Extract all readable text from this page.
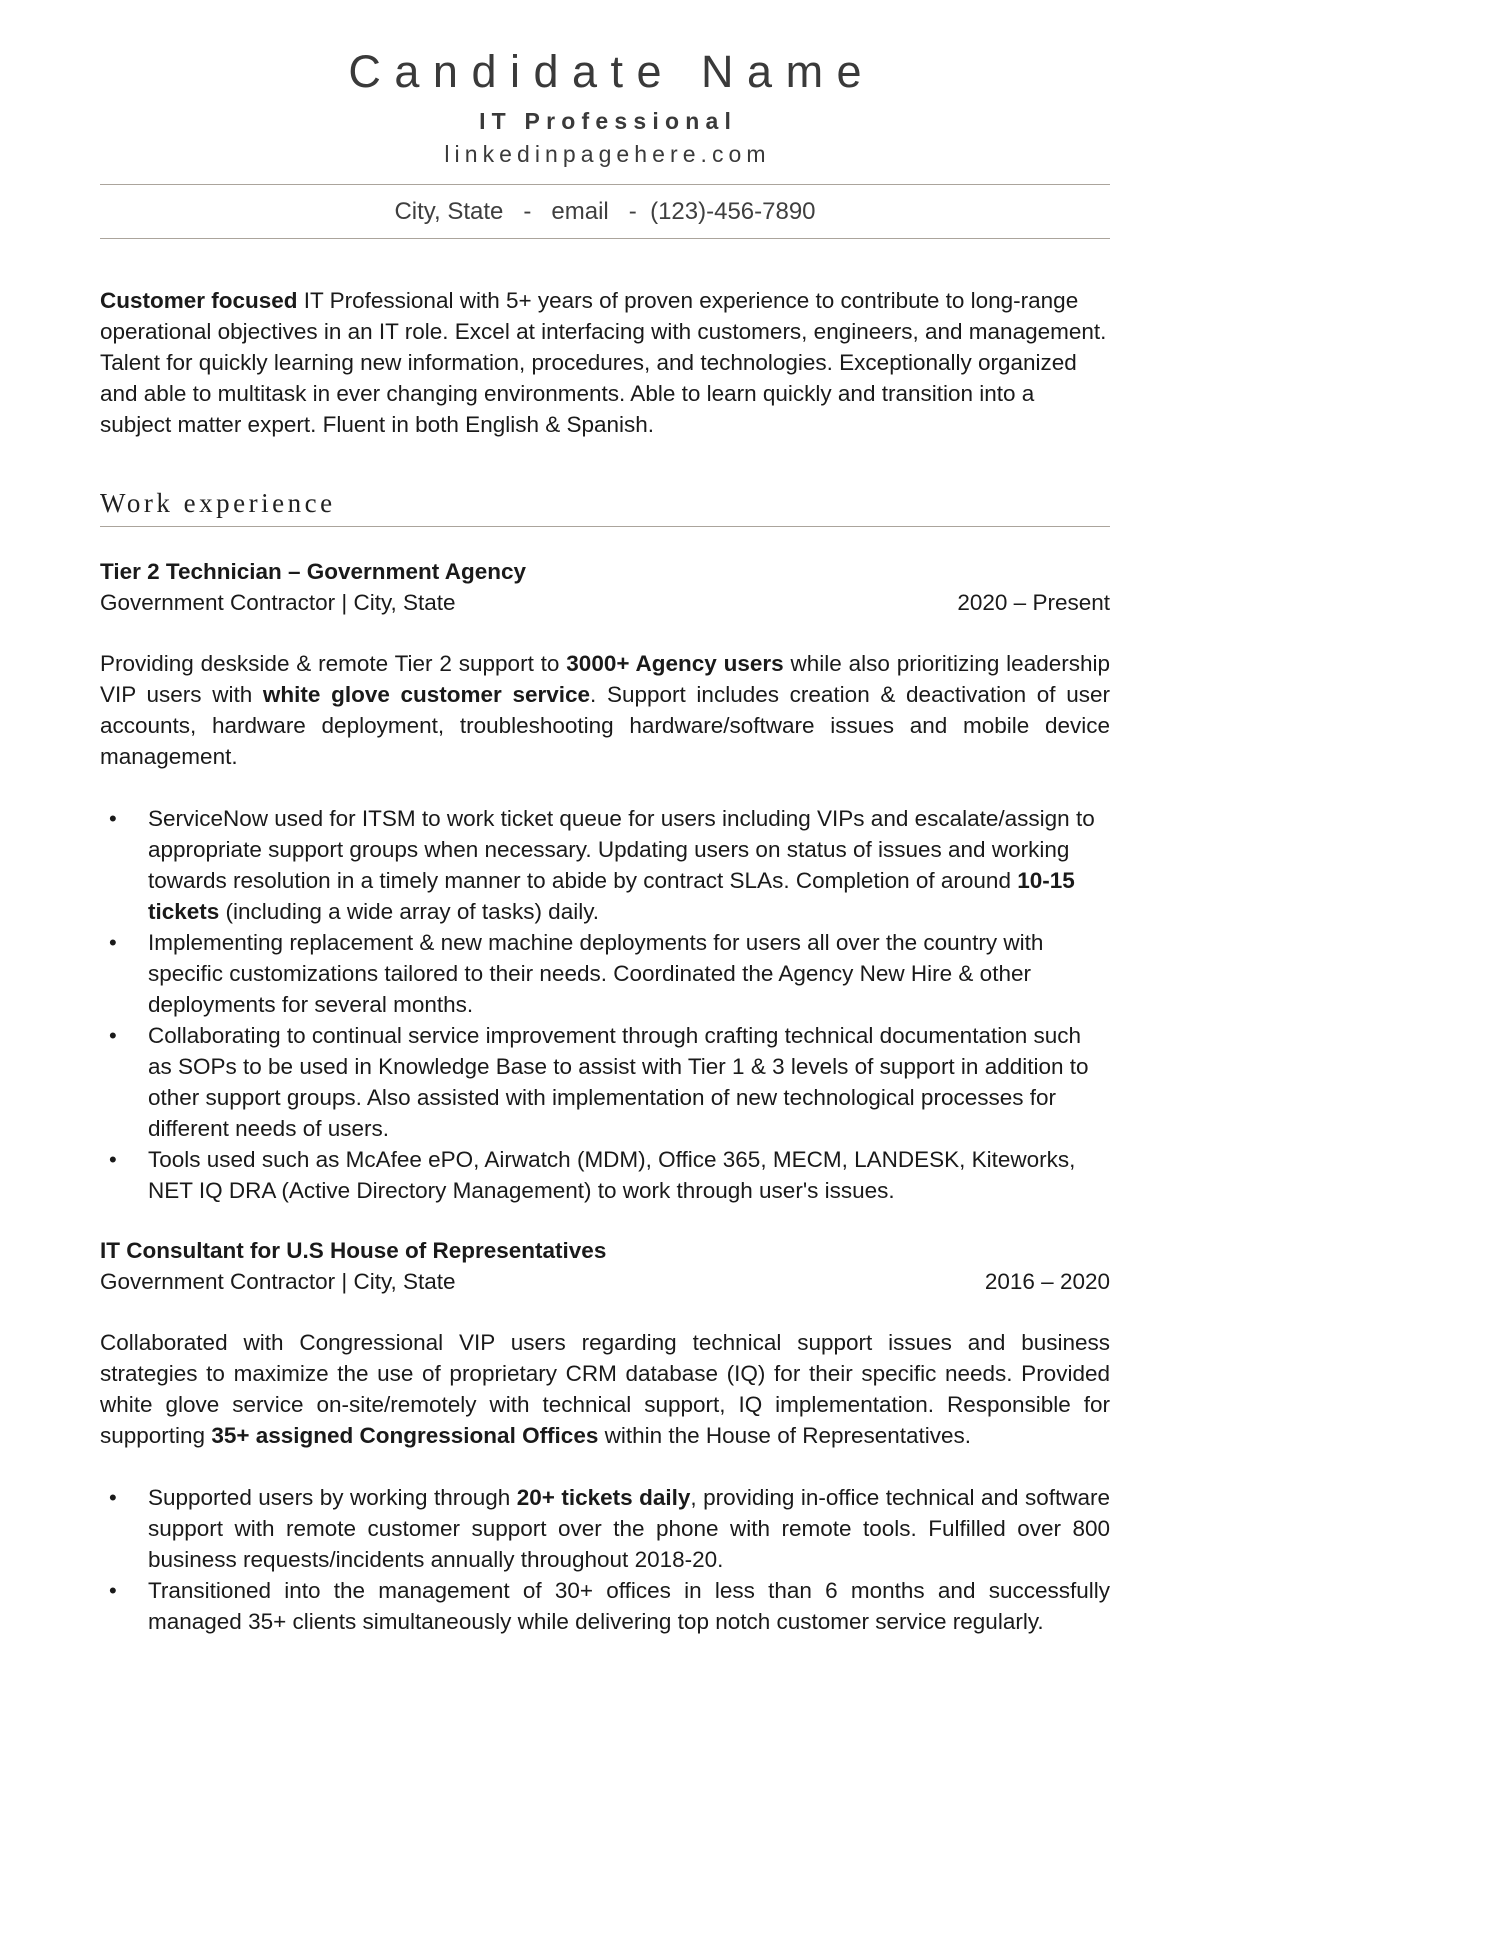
Candidate Name
IT Professional
linkedinpagehere.com
City, State   -   email   -  (123)-456-7890

Customer focused IT Professional with 5+ years of proven experience to contribute to long-range operational objectives in an IT role. Excel at interfacing with customers, engineers, and management. Talent for quickly learning new information, procedures, and technologies. Exceptionally organized and able to multitask in ever changing environments. Able to learn quickly and transition into a subject matter expert. Fluent in both English & Spanish.

Work experience
Tier 2 Technician – Government Agency
Government Contractor | City, State	2020 – Present

Providing deskside & remote Tier 2 support to 3000+ Agency users while also prioritizing leadership VIP users with white glove customer service. Support includes creation & deactivation of user accounts, hardware deployment, troubleshooting hardware/software issues and mobile device management.

• ServiceNow used for ITSM to work ticket queue for users including VIPs and escalate/assign to appropriate support groups when necessary. Updating users on status of issues and working towards resolution in a timely manner to abide by contract SLAs. Completion of around 10-15 tickets (including a wide array of tasks) daily.
• Implementing replacement & new machine deployments for users all over the country with specific customizations tailored to their needs. Coordinated the Agency New Hire & other deployments for several months.
• Collaborating to continual service improvement through crafting technical documentation such as SOPs to be used in Knowledge Base to assist with Tier 1 & 3 levels of support in addition to other support groups. Also assisted with implementation of new technological processes for different needs of users.
• Tools used such as McAfee ePO, Airwatch (MDM), Office 365, MECM, LANDESK, Kiteworks, NET IQ DRA (Active Directory Management) to work through user's issues.
IT Consultant for U.S House of Representatives
Government Contractor | City, State	2016 – 2020

Collaborated with Congressional VIP users regarding technical support issues and business strategies to maximize the use of proprietary CRM database (IQ) for their specific needs. Provided white glove service on-site/remotely with technical support, IQ implementation. Responsible for supporting 35+ assigned Congressional Offices within the House of Representatives.

• Supported users by working through 20+ tickets daily, providing in-office technical and software support with remote customer support over the phone with remote tools. Fulfilled over 800 business requests/incidents annually throughout 2018-20.
• Transitioned into the management of 30+ offices in less than 6 months and successfully managed 35+ clients simultaneously while delivering top notch customer service regularly.
